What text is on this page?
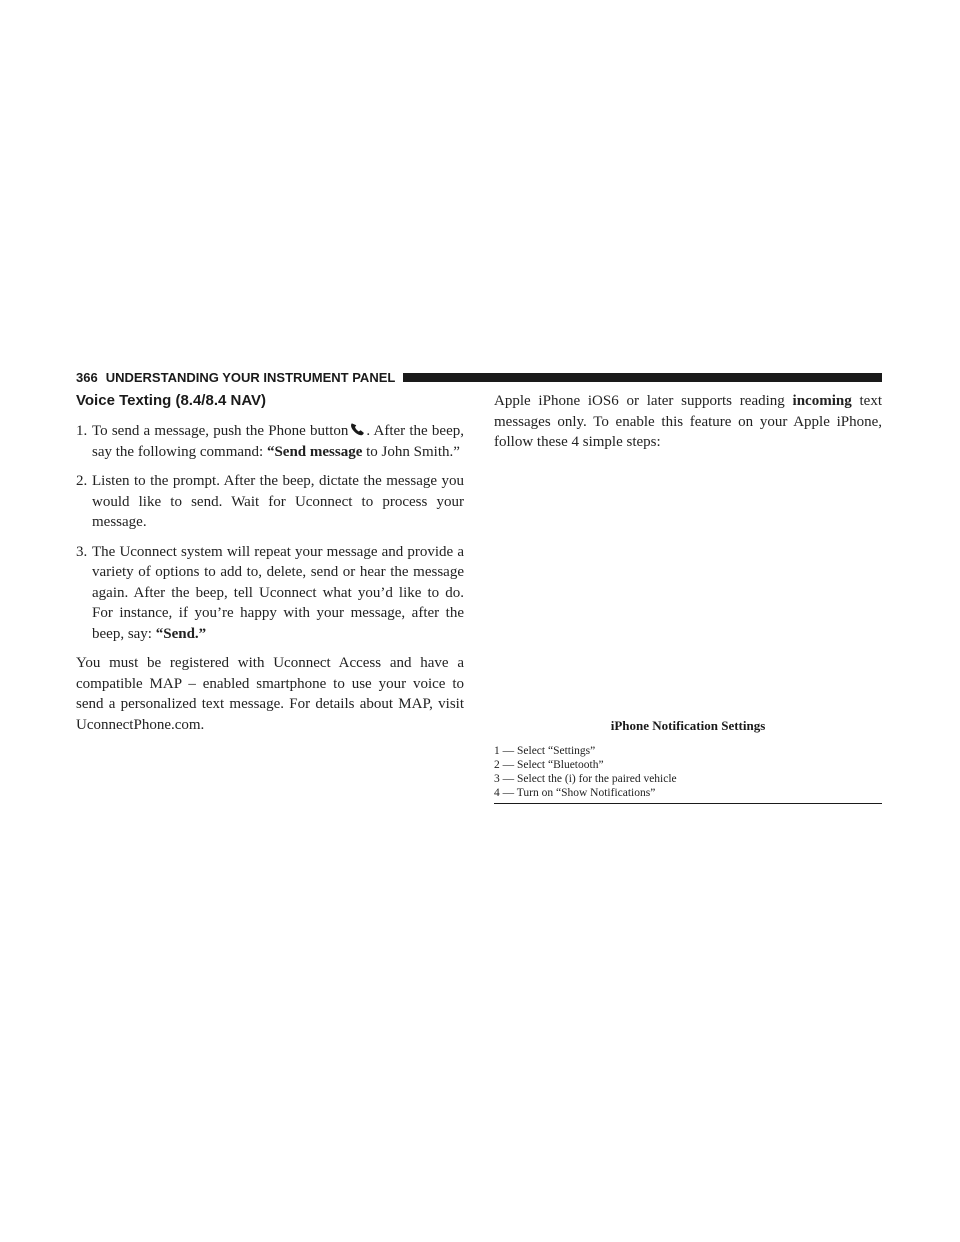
366 UNDERSTANDING YOUR INSTRUMENT PANEL
Voice Texting (8.4/8.4 NAV)
1. To send a message, push the Phone button . After the beep, say the following command: “Send message to John Smith.”
2. Listen to the prompt. After the beep, dictate the message you would like to send. Wait for Uconnect to process your message.
3. The Uconnect system will repeat your message and provide a variety of options to add to, delete, send or hear the message again. After the beep, tell Uconnect what you’d like to do. For instance, if you’re happy with your message, after the beep, say: “Send.”
You must be registered with Uconnect Access and have a compatible MAP – enabled smartphone to use your voice to send a personalized text message. For details about MAP, visit UconnectPhone.com.
Apple iPhone iOS6 or later supports reading incoming text messages only. To enable this feature on your Apple iPhone, follow these 4 simple steps:
iPhone Notification Settings
1 — Select “Settings”
2 — Select “Bluetooth”
3 — Select the (i) for the paired vehicle
4 — Turn on “Show Notifications”
